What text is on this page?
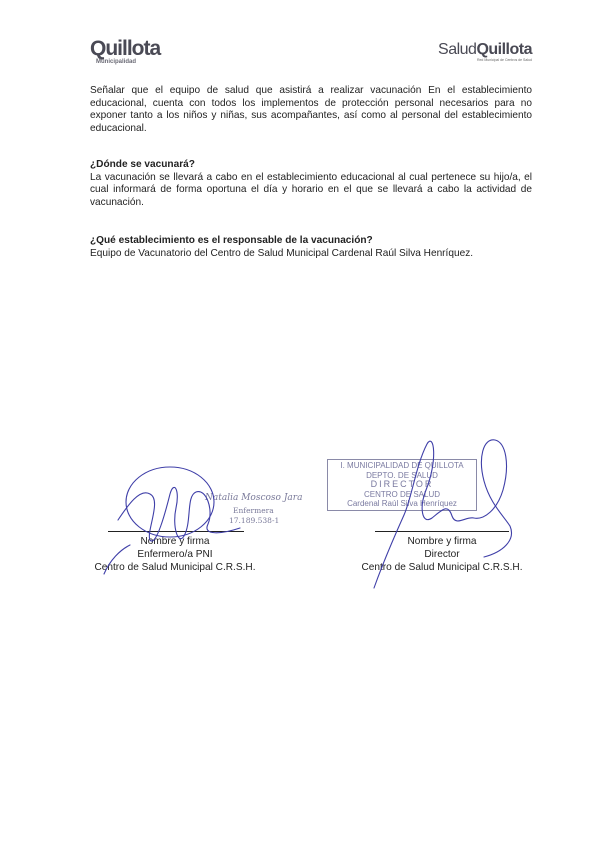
Quillota
Municipalidad
SaludQuillota
Red Municipal de Centros de Salud

Señalar que el equipo de salud que asistirá a realizar vacunación En el establecimiento educacional, cuenta con todos los implementos de protección personal necesarios para no exponer tanto a los niños y niñas, sus acompañantes, así como al personal del establecimiento educacional.

¿Dónde se vacunará?
La vacunación se llevará a cabo en el establecimiento educacional al cual pertenece su hijo/a, el cual informará de forma oportuna el día y horario en el que se llevará a cabo la actividad de vacunación.
¿Qué establecimiento es el responsable de la vacunación?
Equipo de Vacunatorio del Centro de Salud Municipal Cardenal Raúl Silva Henríquez.
Natalia Moscoso Jara
Enfermera
17.189.538-1
Nombre y firma
Enfermero/a PNI
Centro de Salud Municipal C.R.S.H.
I. MUNICIPALIDAD DE QUILLOTA
DEPTO. DE SALUD
DIRECTOR
CENTRO DE SALUD
Cardenal Raúl Silva Henríquez
Nombre y firma
Director
Centro de Salud Municipal C.R.S.H.
